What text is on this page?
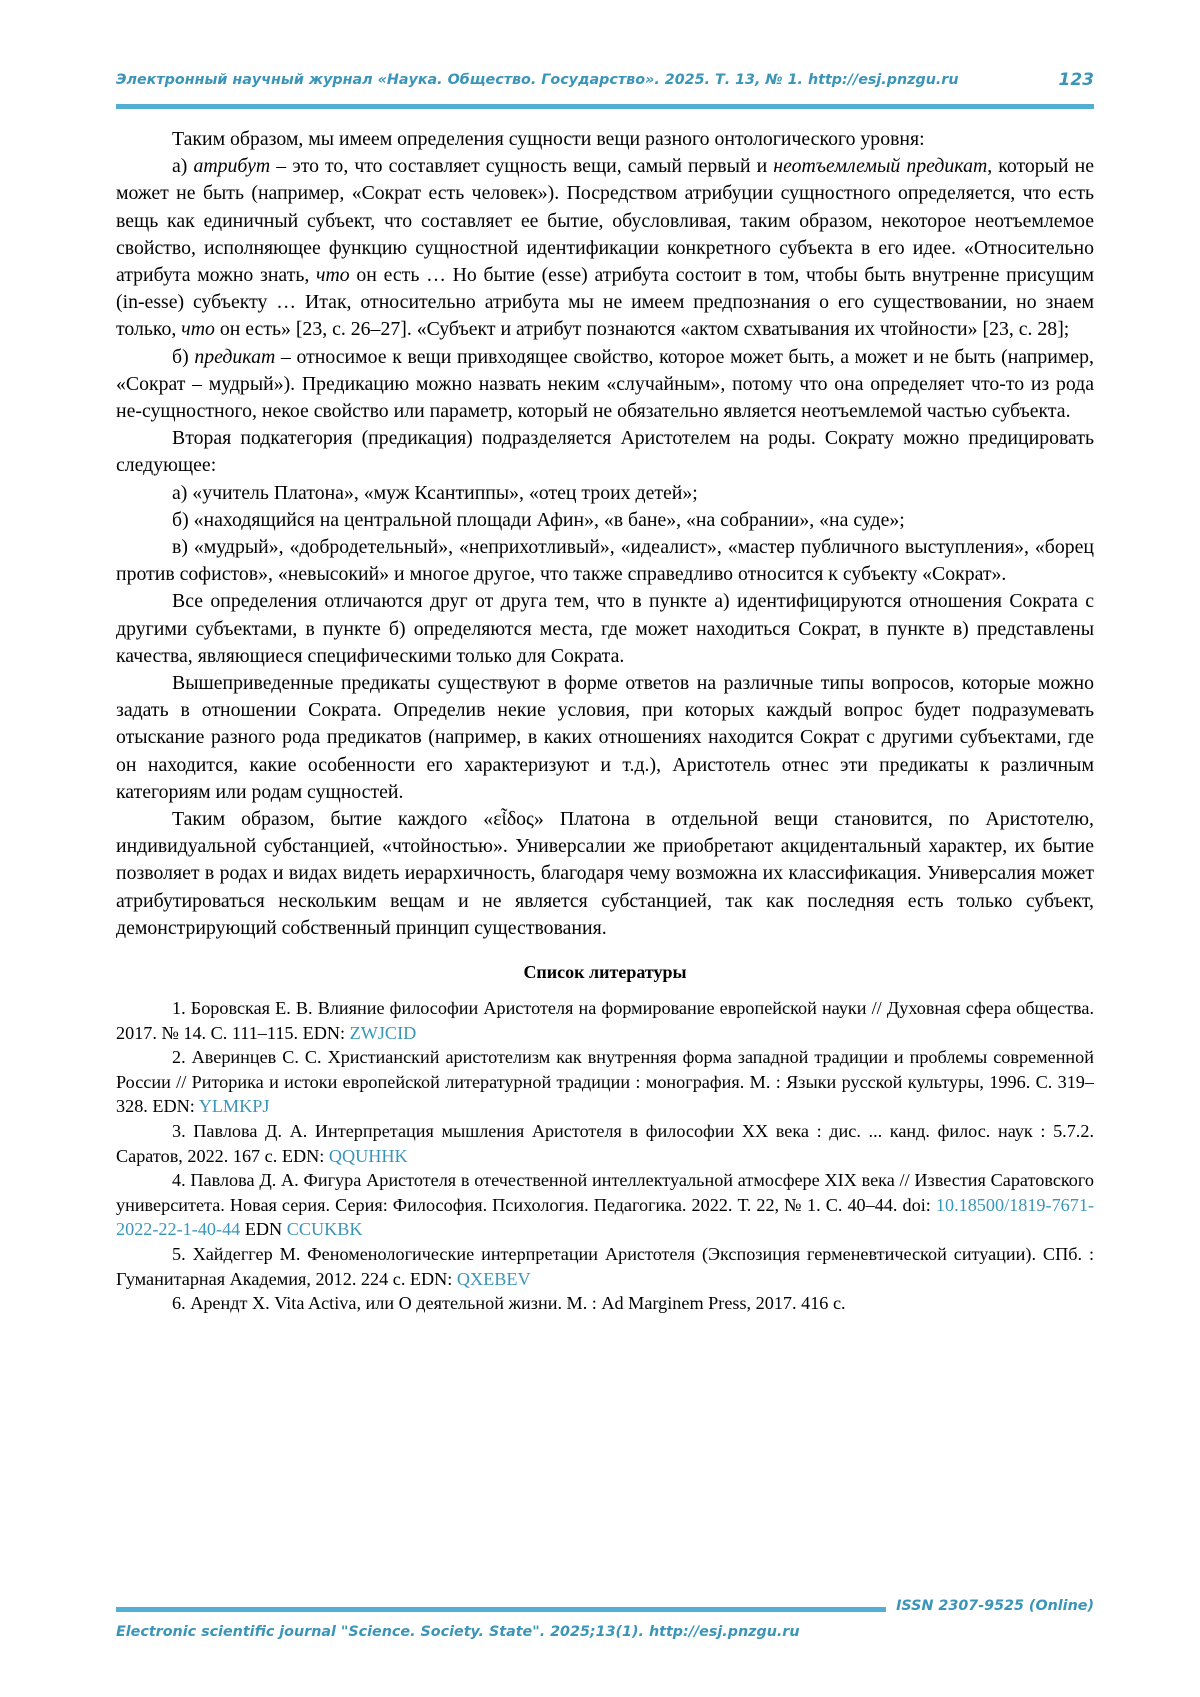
Электронный научный журнал «Наука. Общество. Государство». 2025. Т. 13, № 1. http://esj.pnzgu.ru	123

Таким образом, мы имеем определения сущности вещи разного онтологического уровня:

а) атрибут – это то, что составляет сущность вещи, самый первый и неотъемлемый предикат, который не может не быть (например, «Сократ есть человек»). Посредством атрибуции сущностного определяется, что есть вещь как единичный субъект, что составляет ее бытие, обусловливая, таким образом, некоторое неотъемлемое свойство, исполняющее функцию сущностной идентификации конкретного субъекта в его идее. «Относительно атрибута можно знать, что он есть … Но бытие (esse) атрибута состоит в том, чтобы быть внутренне присущим (in-esse) субъекту … Итак, относительно атрибута мы не имеем предпознания о его существовании, но знаем только, что он есть» [23, с. 26–27]. «Субъект и атрибут познаются «актом схватывания их чтойности» [23, с. 28];

б) предикат – относимое к вещи привходящее свойство, которое может быть, а может и не быть (например, «Сократ – мудрый»). Предикацию можно назвать неким «случайным», потому что она определяет что-то из рода не-сущностного, некое свойство или параметр, который не обязательно является неотъемлемой частью субъекта.

Вторая подкатегория (предикация) подразделяется Аристотелем на роды. Сократу можно предицировать следующее:

а) «учитель Платона», «муж Ксантиппы», «отец троих детей»;

б) «находящийся на центральной площади Афин», «в бане», «на собрании», «на суде»;

в) «мудрый», «добродетельный», «неприхотливый», «идеалист», «мастер публичного выступления», «борец против софистов», «невысокий» и многое другое, что также справедливо относится к субъекту «Сократ».

Все определения отличаются друг от друга тем, что в пункте а) идентифицируются отношения Сократа с другими субъектами, в пункте б) определяются места, где может находиться Сократ, в пункте в) представлены качества, являющиеся специфическими только для Сократа.

Вышеприведенные предикаты существуют в форме ответов на различные типы вопросов, которые можно задать в отношении Сократа. Определив некие условия, при которых каждый вопрос будет подразумевать отыскание разного рода предикатов (например, в каких отношениях находится Сократ с другими субъектами, где он находится, какие особенности его характеризуют и т.д.), Аристотель отнес эти предикаты к различным категориям или родам сущностей.

Таким образом, бытие каждого «εἶδος» Платона в отдельной вещи становится, по Аристотелю, индивидуальной субстанцией, «чтойностью». Универсалии же приобретают акцидентальный характер, их бытие позволяет в родах и видах видеть иерархичность, благодаря чему возможна их классификация. Универсалия может атрибутироваться нескольким вещам и не является субстанцией, так как последняя есть только субъект, демонстрирующий собственный принцип существования.

Список литературы
1. Боровская Е. В. Влияние философии Аристотеля на формирование европейской науки // Духовная сфера общества. 2017. № 14. С. 111–115. EDN: ZWJCID
2. Аверинцев С. С. Христианский аристотелизм как внутренняя форма западной традиции и проблемы современной России // Риторика и истоки европейской литературной традиции : монография. М. : Языки русской культуры, 1996. С. 319–328. EDN: YLMKPJ
3. Павлова Д. А. Интерпретация мышления Аристотеля в философии XX века : дис. ... канд. филос. наук : 5.7.2. Саратов, 2022. 167 с. EDN: QQUHHK
4. Павлова Д. А. Фигура Аристотеля в отечественной интеллектуальной атмосфере XIX века // Известия Саратовского университета. Новая серия. Серия: Философия. Психология. Педагогика. 2022. Т. 22, № 1. С. 40–44. doi: 10.18500/1819-7671-2022-22-1-40-44 EDN CCUKBK
5. Хайдеггер М. Феноменологические интерпретации Аристотеля (Экспозиция герменевтической ситуации). СПб. : Гуманитарная Академия, 2012. 224 с. EDN: QXEBEV
6. Арендт Х. Vita Activa, или О деятельной жизни. М. : Ad Marginem Press, 2017. 416 с.
ISSN 2307-9525 (Online)
Electronic scientific journal "Science. Society. State". 2025;13(1). http://esj.pnzgu.ru
